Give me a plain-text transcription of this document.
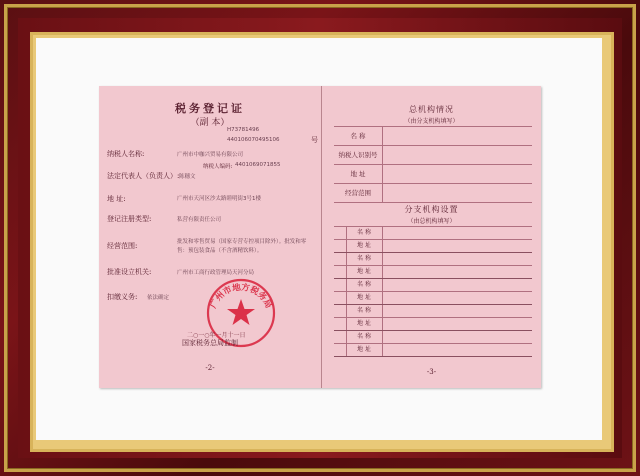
税务登记证
（副 本）
H73781496
440106070495106	号
纳税人名称:	广州市中咖兴贸易有限公司
纳税人编码: 4401069071855
法定代表人（负责人）: 陈穗文
地 址:	广州市天河区沙太路睦明街3号1楼
登记注册类型:	私营有限责任公司
经营范围:	批发和零售贸易（国家专营专控项目除外）。批发和零售：预包装食品（不含酒精饮料）。
批准设立机关:	广州市工商行政管理局天河分局
扣缴义务: 依法确定
广州市地方税务局
二○一○年一月十一日
国家税务总局监制
-2-
总机构情况
（由分支机构填写）
名 称
纳税人识别号
地 址
经营范围
分支机构设置
（由总机构填写）
名 称
地 址
名 称
地 址
名 称
地 址
名 称
地 址
名 称
地 址
-3-
